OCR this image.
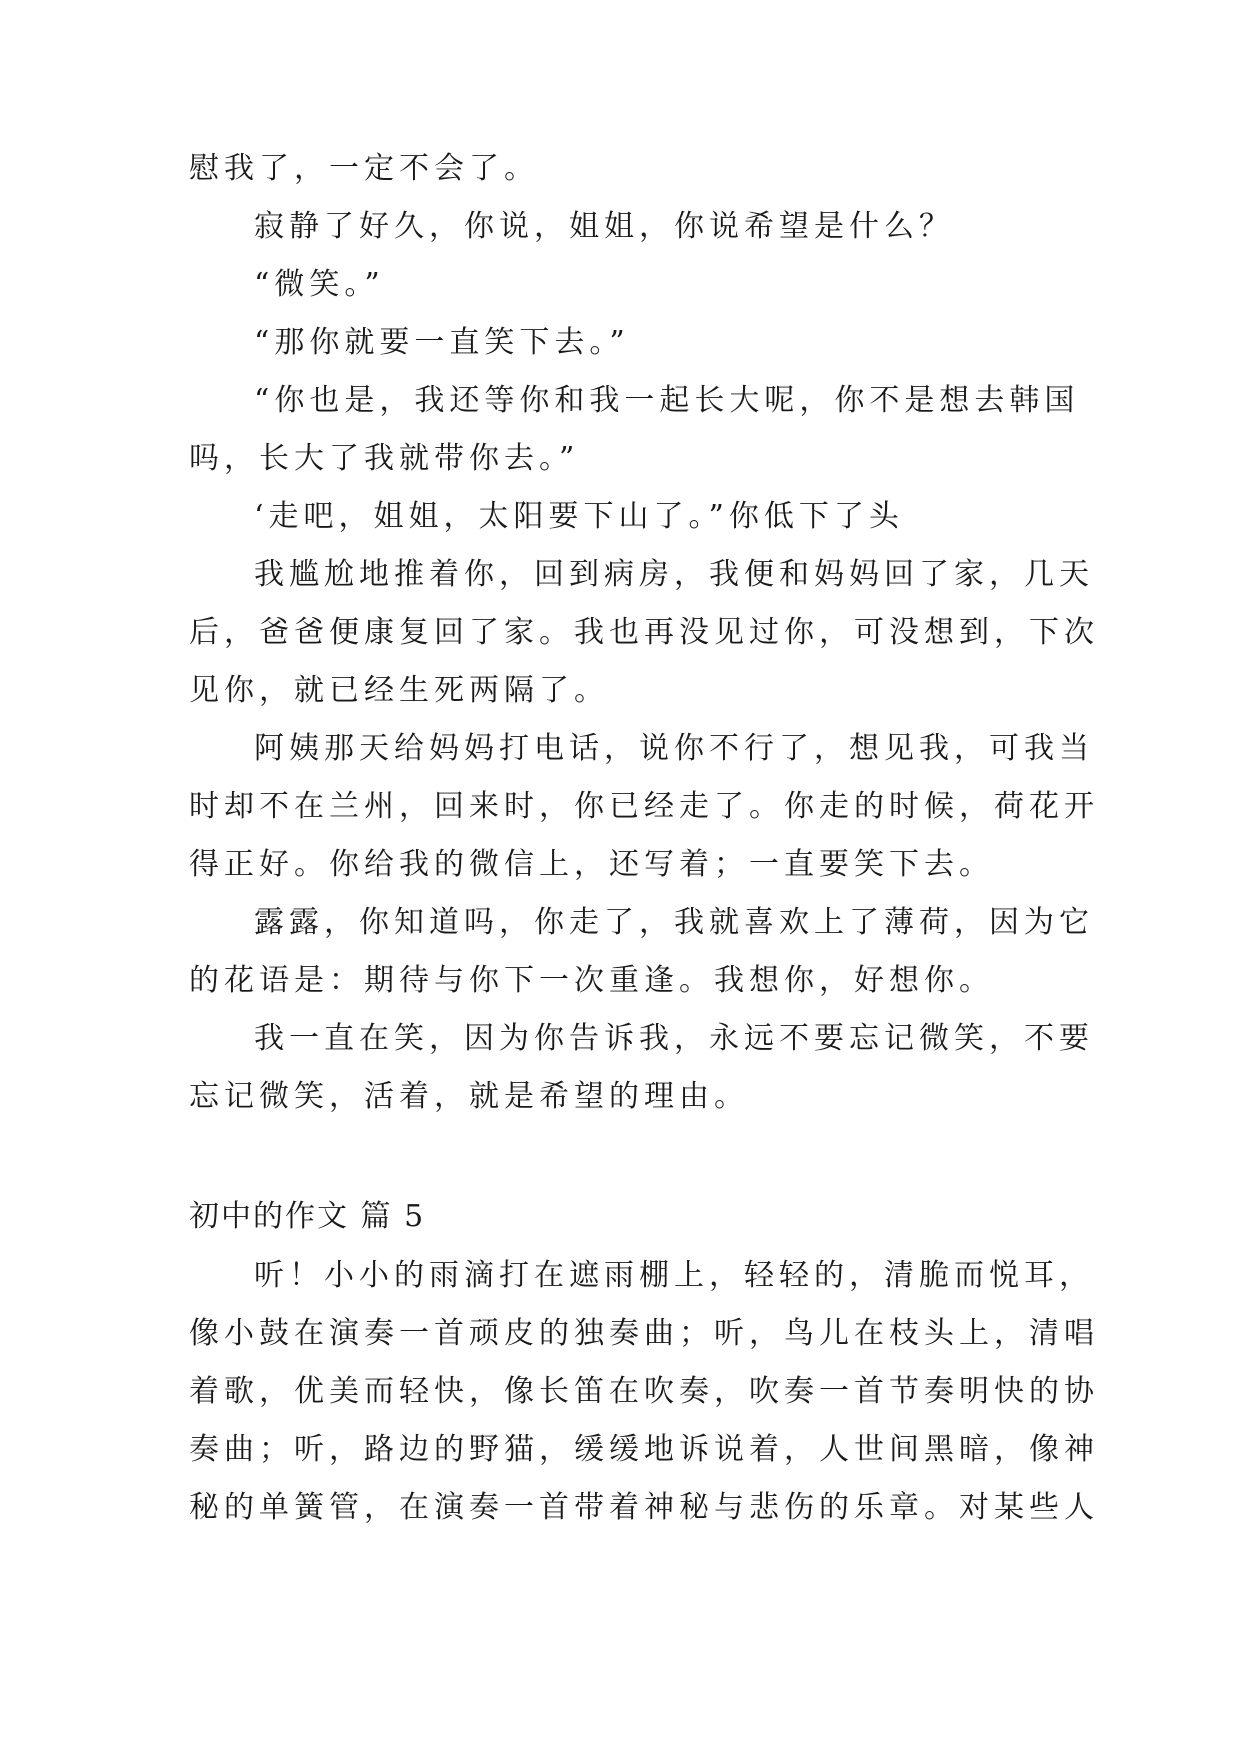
慰我了，一定不会了。
寂静了好久，你说，姐姐，你说希望是什么？
“微笑。”
“那你就要一直笑下去。”
“你也是，我还等你和我一起长大呢，你不是想去韩国
吗，长大了我就带你去。”
‘走吧，姐姐，太阳要下山了。”你低下了头
我尴尬地推着你，回到病房，我便和妈妈回了家，几天
后，爸爸便康复回了家。我也再没见过你，可没想到，下次
见你，就已经生死两隔了。
阿姨那天给妈妈打电话，说你不行了，想见我，可我当
时却不在兰州，回来时，你已经走了。你走的时候，荷花开
得正好。你给我的微信上，还写着；一直要笑下去。
露露，你知道吗，你走了，我就喜欢上了薄荷，因为它
的花语是：期待与你下一次重逢。我想你，好想你。
我一直在笑，因为你告诉我，永远不要忘记微笑，不要
忘记微笑，活着，就是希望的理由。
初中的作文 篇 5
听！小小的雨滴打在遮雨棚上，轻轻的，清脆而悦耳，
像小鼓在演奏一首顽皮的独奏曲；听，鸟儿在枝头上，清唱
着歌，优美而轻快，像长笛在吹奏，吹奏一首节奏明快的协
奏曲；听，路边的野猫，缓缓地诉说着，人世间黑暗，像神
秘的单簧管，在演奏一首带着神秘与悲伤的乐章。对某些人
